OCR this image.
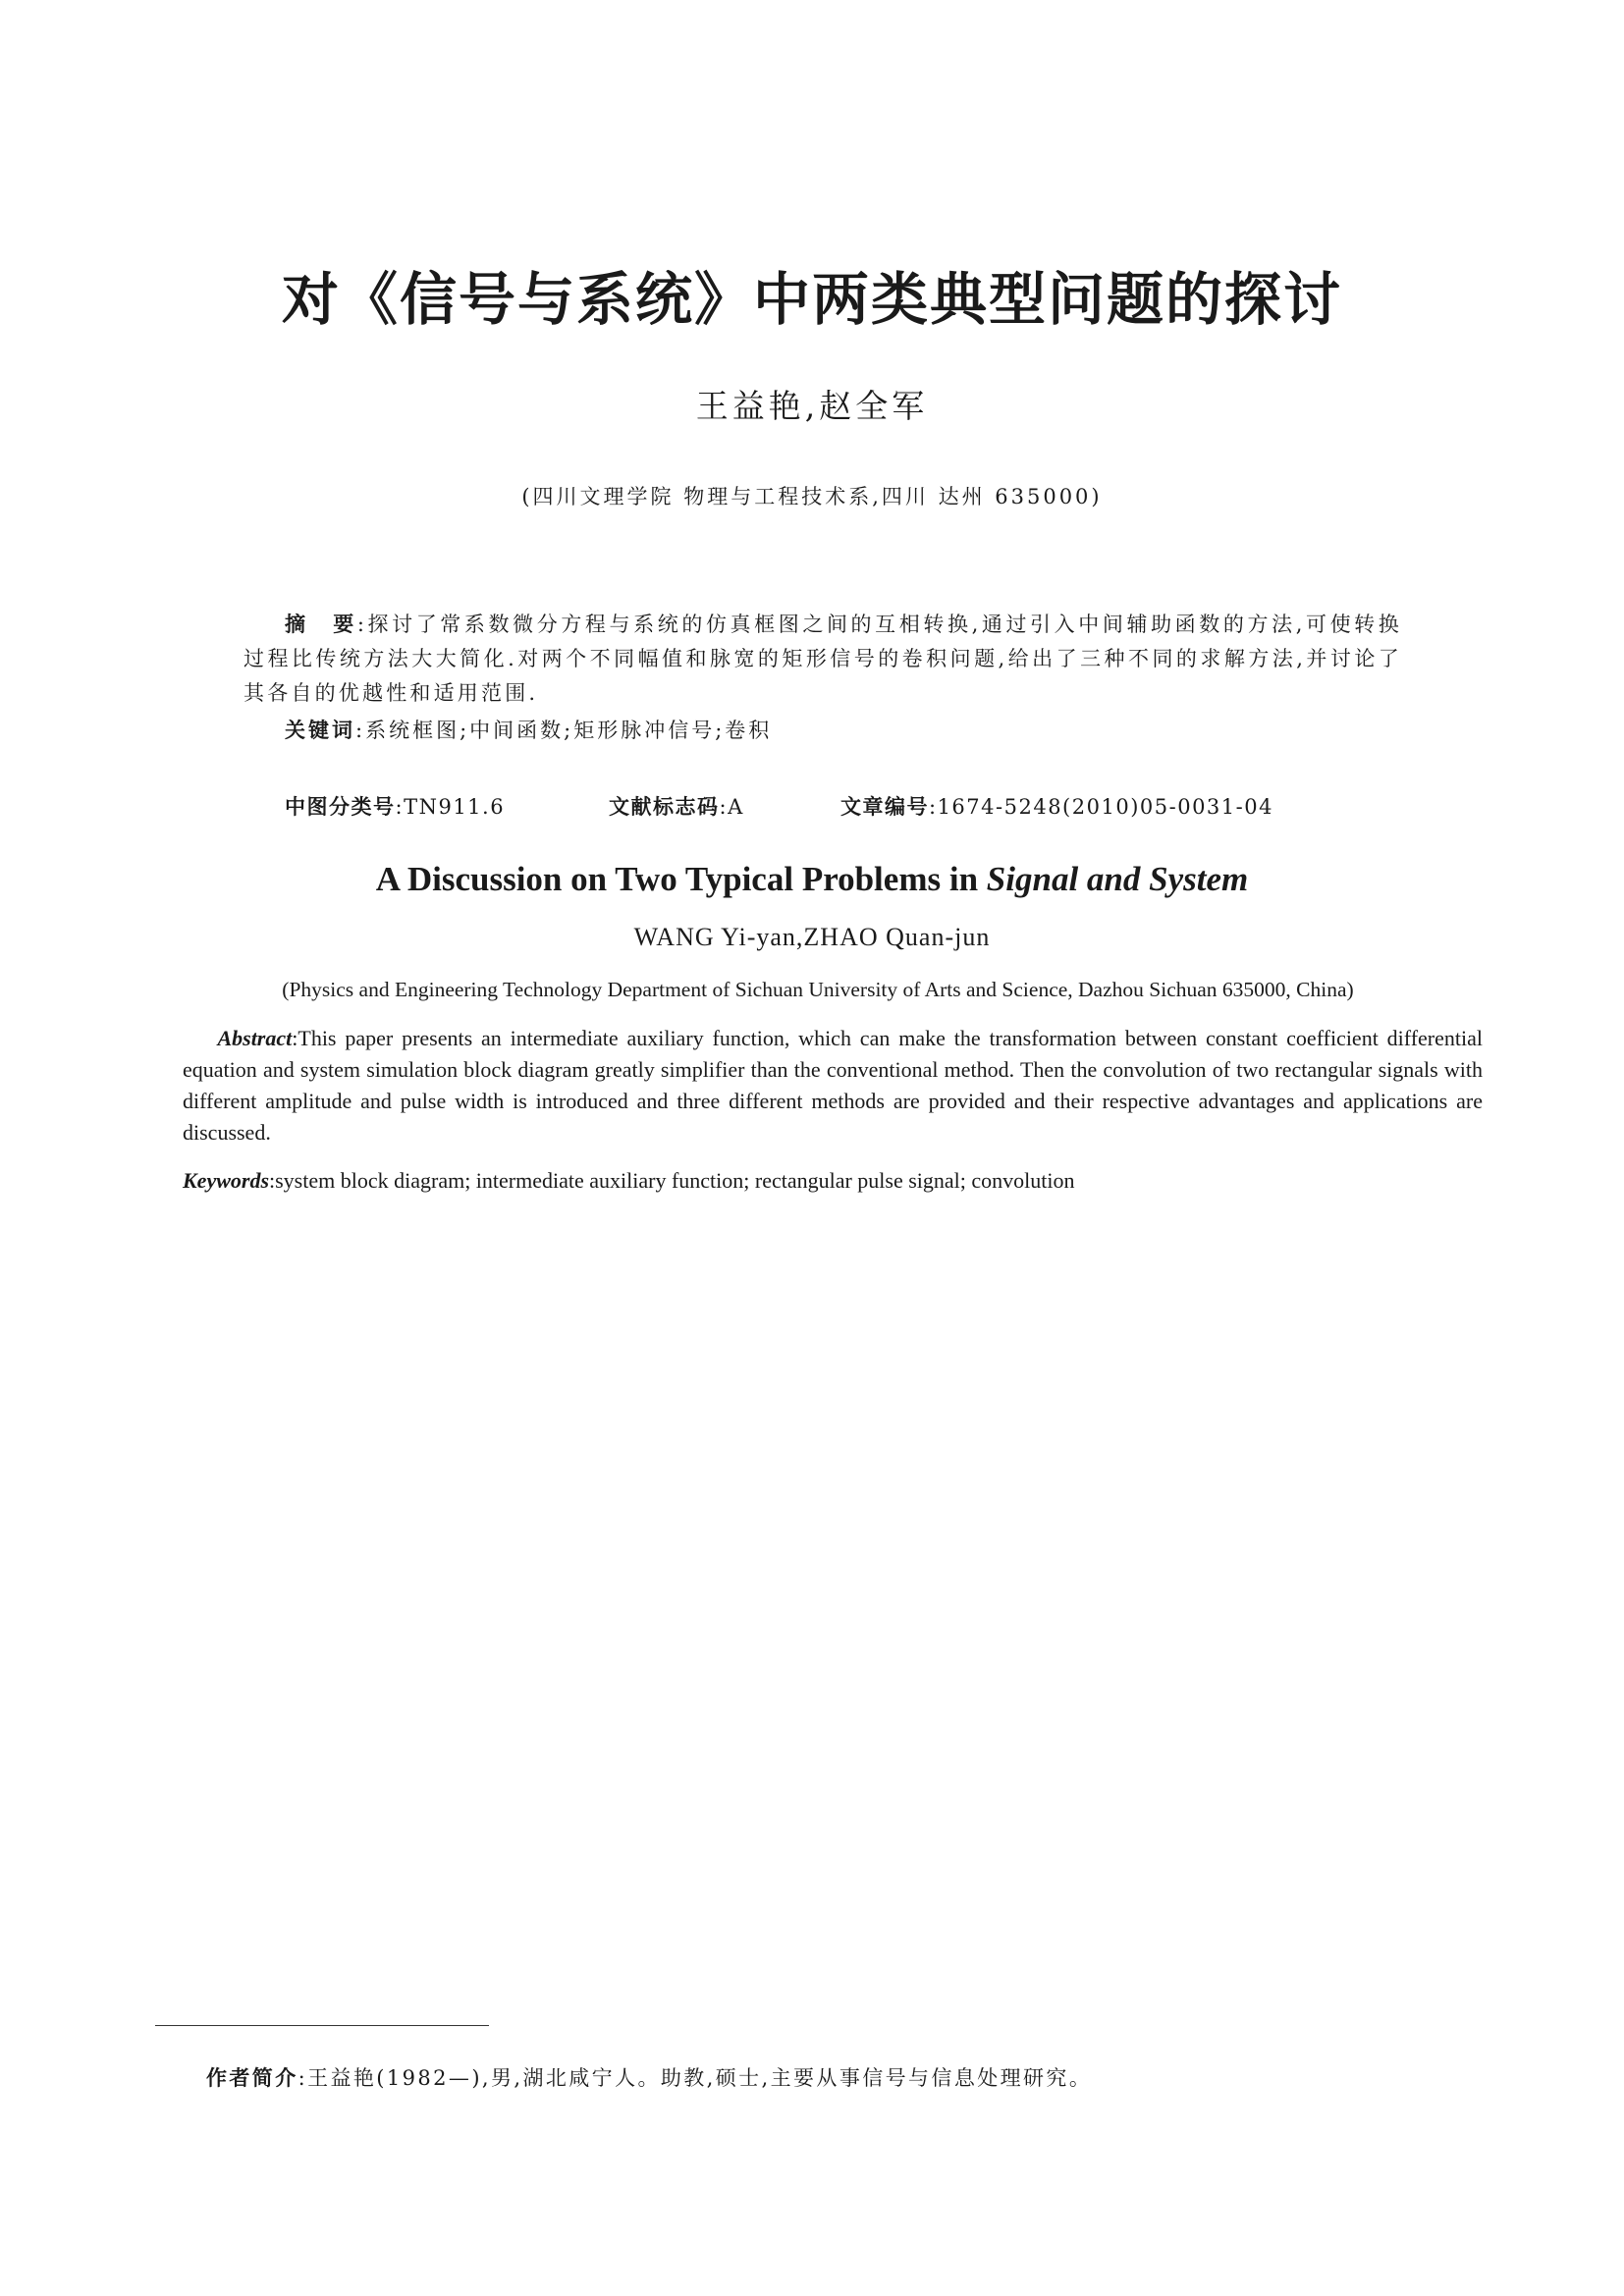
对《信号与系统》中两类典型问题的探讨
王益艳,赵全军
(四川文理学院 物理与工程技术系,四川 达州 635000)
摘　要:探讨了常系数微分方程与系统的仿真框图之间的互相转换,通过引入中间辅助函数的方法,可使转换过程比传统方法大大简化.对两个不同幅值和脉宽的矩形信号的卷积问题,给出了三种不同的求解方法,并讨论了其各自的优越性和适用范围.
关键词:系统框图;中间函数;矩形脉冲信号;卷积
中图分类号:TN911.6	文献标志码:A	文章编号:1674-5248(2010)05-0031-04
A Discussion on Two Typical Problems in Signal and System
WANG Yi-yan,ZHAO Quan-jun
(Physics and Engineering Technology Department of Sichuan University of Arts and Science, Dazhou Sichuan 635000, China)
Abstract:This paper presents an intermediate auxiliary function, which can make the transformation between constant coefficient differential equation and system simulation block diagram greatly simplifier than the conventional method. Then the convolution of two rectangular signals with different amplitude and pulse width is introduced and three different methods are provided and their respective advantages and applications are discussed.
Keywords:system block diagram; intermediate auxiliary function; rectangular pulse signal; convolution
作者简介:王益艳(1982—),男,湖北咸宁人。助教,硕士,主要从事信号与信息处理研究。
